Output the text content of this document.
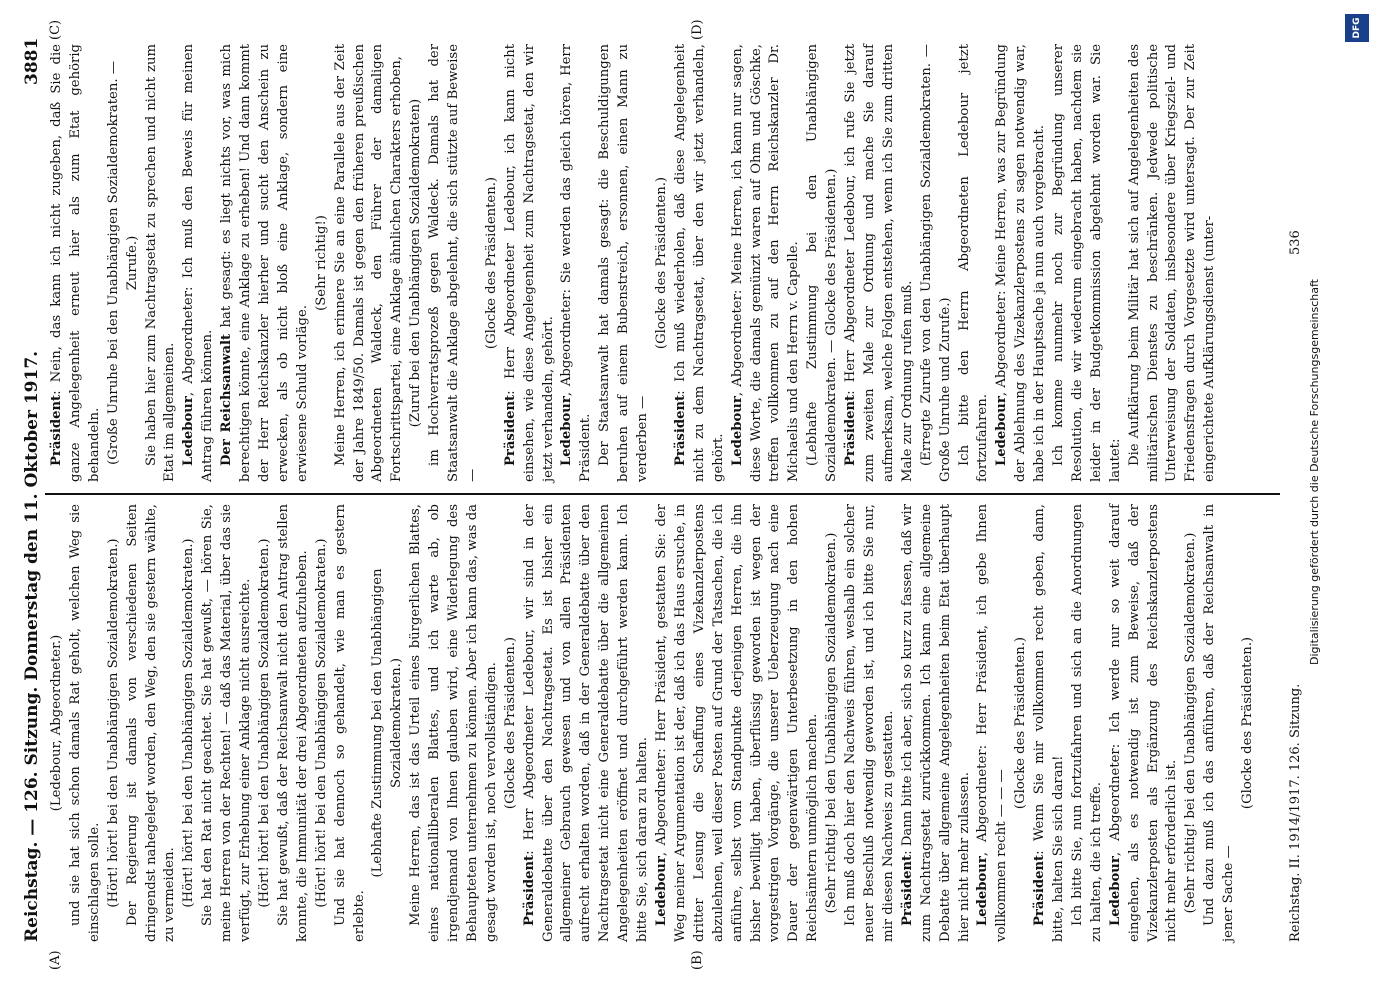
Reichstag. — 126. Sitzung. Donnerstag den 11. Oktober 1917.
3881
(A)	(B)
(C)	(D)

(Ledebour, Abgeordneter.) und sie hat sich schon damals Rat geholt, welchen Weg sie einschlagen solle. (Hört! hört! bei den Unabhängigen Sozialdemokraten.) Der Regierung ist damals von verschiedenen Seiten dringendst nahegelegt worden, den Weg, den sie gestern wählte, zu vermeiden. (Hört! hört! bei den Unabhängigen Sozialdemokraten.) Sie hat den Rat nicht geachtet. Sie hat gewußt, — hören Sie, meine Herren von der Rechten! — daß das Material, über das sie verfügt, zur Erhebung einer Anklage nicht ausreichte. (Hört! hört! bei den Unabhängigen Sozialdemokraten.) Sie hat gewußt, daß der Reichsanwalt nicht den Antrag stellen konnte, die Immunität der drei Abgeordneten aufzuheben. (Hört! hört! bei den Unabhängigen Sozialdemokraten.) Und sie hat dennoch so gehandelt, wie man es gestern erlebte.

(Lebhafte Zustimmung bei den Unabhängigen Sozialdemokraten.) Meine Herren, das ist das Urteil eines bürgerlichen Blattes, eines nationalliberalen Blattes, und ich warte ab, ob irgendjemand von Ihnen glauben wird, eine Widerlegung des Behaupteten unternehmen zu können. Aber ich kann das, was da gesagt worden ist, noch vervollständigen. (Glocke des Präsidenten.)

Präsident: Herr Abgeordneter Ledebour, wir sind in der Generaldebatte über den Nachtragsetat. Es ist bisher ein allgemeiner Gebrauch gewesen und von allen Präsidenten aufrecht erhalten worden, daß in der Generaldebatte über den Nachtragsetat nicht eine Generaldebatte über die allgemeinen Angelegenheiten eröffnet und durchgeführt werden kann. Ich bitte Sie, sich daran zu halten. Ledebour, Abgeordneter: Herr Präsident, gestatten Sie: der Weg meiner Argumentation ist der, daß ich das Haus ersuche, in dritter Lesung die Schaffung eines Vizekanzlerpostens abzulehnen, weil dieser Posten auf Grund der Tatsachen, die ich anführe, selbst vom Standpunkte derjenigen Herren, die ihn bisher bewilligt haben, überflüssig geworden ist wegen der vorgestrigen Vorgänge, die unserer Ueberzeugung nach eine Dauer der gegenwärtigen Unterbesetzung in den hohen Reichsämtern unmöglich machen. (Sehr richtig! bei den Unabhängigen Sozialdemokraten.) Ich muß doch hier den Nachweis führen, weshalb ein solcher neuer Beschluß notwendig geworden ist, und ich bitte Sie nur, mir diesen Nachweis zu gestatten. Präsident: Dann bitte ich aber, sich so kurz zu fassen, daß wir zum Nachtragsetat zurückkommen. Ich kann eine allgemeine Debatte über allgemeine Angelegenheiten beim Etat überhaupt hier nicht mehr zulassen. Ledebour, Abgeordneter: Herr Präsident, ich gebe Ihnen vollkommen recht — — —

(Glocke des Präsidenten.)

Präsident: Wenn Sie mir vollkommen recht geben, dann, bitte, halten Sie sich daran! Ich bitte Sie, nun fortzufahren und sich an die Anordnungen zu halten, die ich treffe. Ledebour, Abgeordneter: Ich werde nur so weit darauf eingehen, als es notwendig ist zum Beweise, daß der Vizekanzlerposten als Ergänzung des Reichskanzlerpostens nicht mehr erforderlich ist. (Sehr richtig! bei den Unabhängigen Sozialdemokraten.) Und dazu muß ich das anführen, daß der Reichsanwalt in jener Sache —

(Glocke des Präsidenten.)

Präsident: Nein, das kann ich nicht zugeben, daß Sie die ganze Angelegenheit erneut hier als zum Etat gehörig behandeln. (Große Unruhe bei den Unabhängigen Sozialdemokraten. — Zurufe.) Sie haben hier zum Nachtragsetat zu sprechen und nicht zum Etat im allgemeinen. Ledebour, Abgeordneter: Ich muß den Beweis für meinen Antrag führen können. Der Reichsanwalt hat gesagt: es liegt nichts vor, was mich berechtigen könnte, eine Anklage zu erheben! Und dann kommt der Herr Reichskanzler hierher und sucht den Anschein zu erwecken, als ob nicht bloß eine Anklage, sondern eine erwiesene Schuld vorläge.

(Sehr richtig!) Meine Herren, ich erinnere Sie an eine Parallele aus der Zeit der Jahre 1849/50. Damals ist gegen den früheren preußischen Abgeordneten Waldeck, den Führer der damaligen Fortschrittspartei, eine Anklage ähnlichen Charakters erhoben, (Zuruf bei den Unabhängigen Sozialdemokraten) im Hochverratsprozeß gegen Waldeck. Damals hat der Staatsanwalt die Anklage abgelehnt, die sich stützte auf Beweise —

(Glocke des Präsidenten.)

Präsident: Herr Abgeordneter Ledebour, ich kann nicht einsehen, wie diese Angelegenheit zum Nachtragsetat, den wir jetzt verhandeln, gehört. Ledebour, Abgeordneter: Sie werden das gleich hören, Herr Präsident. Der Staatsanwalt hat damals gesagt: die Beschuldigungen beruhen auf einem Bubenstreich, ersonnen, einen Mann zu verderben —

(Glocke des Präsidenten.)

Präsident: Ich muß wiederholen, daß diese Angelegenheit nicht zu dem Nachtragsetat, über den wir jetzt verhandeln, gehört. Ledebour, Abgeordneter: Meine Herren, ich kann nur sagen, diese Worte, die damals gemünzt waren auf Ohm und Göschke, treffen vollkommen zu auf den Herrn Reichskanzler Dr. Michaelis und den Herrn v. Capelle. (Lebhafte Zustimmung bei den Unabhängigen Sozialdemokraten. — Glocke des Präsidenten.) Präsident: Herr Abgeordneter Ledebour, ich rufe Sie jetzt zum zweiten Male zur Ordnung und mache Sie darauf aufmerksam, welche Folgen entstehen, wenn ich Sie zum dritten Male zur Ordnung rufen muß. (Erregte Zurufe von den Unabhängigen Sozialdemokraten. — Große Unruhe und Zurufe.) Ich bitte den Herrn Abgeordneten Ledebour jetzt fortzufahren. Ledebour, Abgeordneter: Meine Herren, was zur Begründung der Ablehnung des Vizekanzlerpostens zu sagen notwendig war, habe ich in der Hauptsache ja nun auch vorgebracht. Ich komme nunmehr noch zur Begründung unserer Resolution, die wir wiederum eingebracht haben, nachdem sie leider in der Budgetkommission abgelehnt worden war. Sie lautet: Die Aufklärung beim Militär hat sich auf Angelegenheiten des militärischen Dienstes zu beschränken. Jedwede politische Unterweisung der Soldaten, insbesondere über Kriegsziel- und Friedensfragen durch Vorgesetzte wird untersagt. Der zur Zeit eingerichtete Aufklärungsdienst (unter-

Reichstag. II. 1914/1917. 126. Sitzung.
536
Digitalisierung gefördert durch die Deutsche Forschungsgemeinschaft
DFG
